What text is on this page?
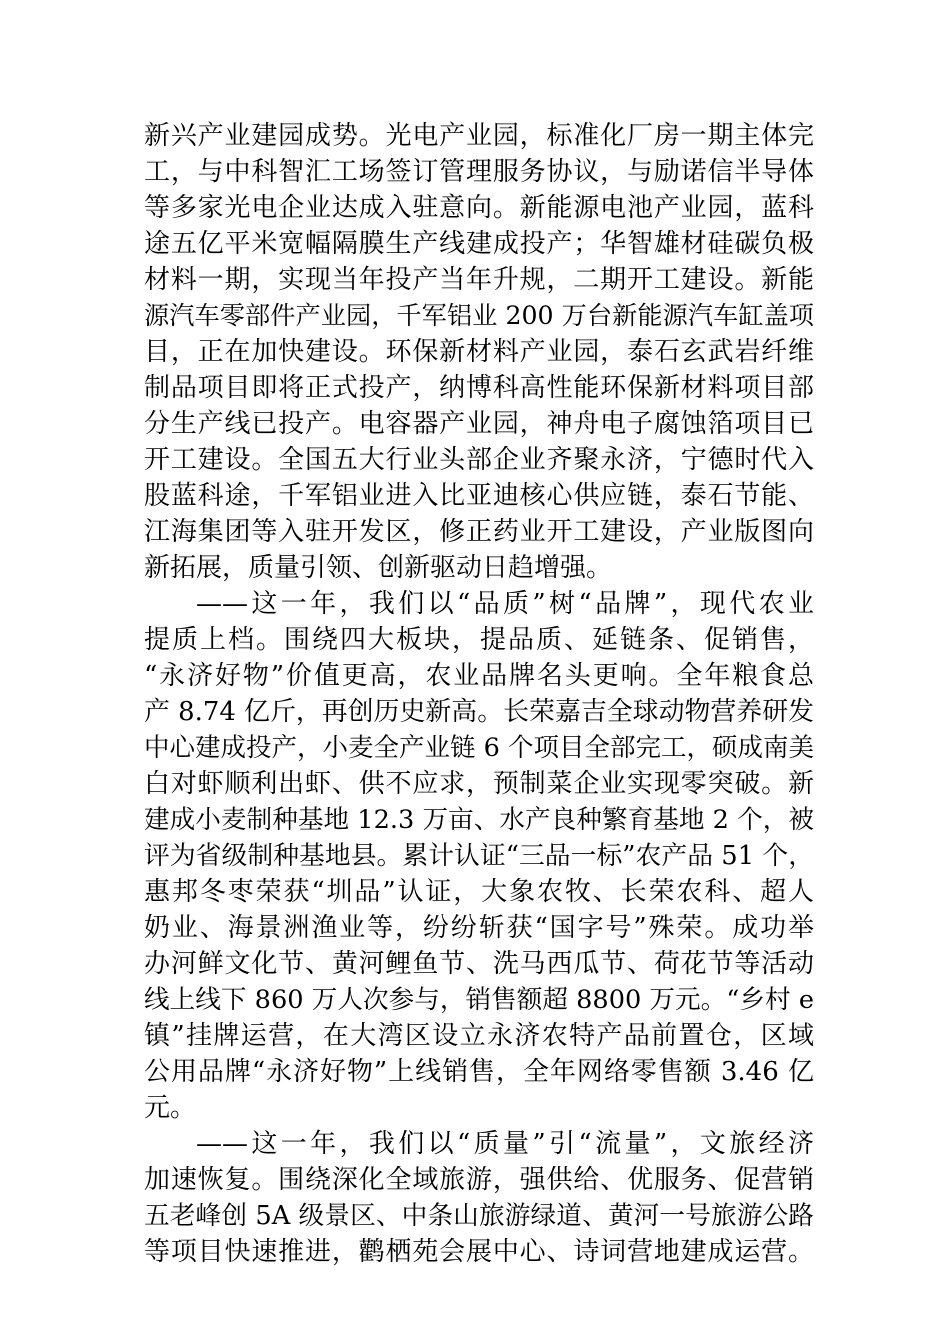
新兴产业建园成势。光电产业园，标准化厂房一期主体完
工，与中科智汇工场签订管理服务协议，与励诺信半导体
等多家光电企业达成入驻意向。新能源电池产业园，蓝科
途五亿平米宽幅隔膜生产线建成投产；华智雄材硅碳负极
材料一期，实现当年投产当年升规，二期开工建设。新能
源汽车零部件产业园，千军铝业 200 万台新能源汽车缸盖项
目，正在加快建设。环保新材料产业园，泰石玄武岩纤维
制品项目即将正式投产，纳博科高性能环保新材料项目部
分生产线已投产。电容器产业园，神舟电子腐蚀箔项目已
开工建设。全国五大行业头部企业齐聚永济，宁德时代入
股蓝科途，千军铝业进入比亚迪核心供应链，泰石节能、
江海集团等入驻开发区，修正药业开工建设，产业版图向
新拓展，质量引领、创新驱动日趋增强。
——这一年，我们以“品质”树“品牌”，现代农业
提质上档。围绕四大板块，提品质、延链条、促销售，
“永济好物”价值更高，农业品牌名头更响。全年粮食总
产 8.74 亿斤，再创历史新高。长荣嘉吉全球动物营养研发
中心建成投产，小麦全产业链 6 个项目全部完工，硕成南美
白对虾顺利出虾、供不应求，预制菜企业实现零突破。新
建成小麦制种基地 12.3 万亩、水产良种繁育基地 2 个，被
评为省级制种基地县。累计认证“三品一标”农产品 51 个，
惠邦冬枣荣获“圳品”认证，大象农牧、长荣农科、超人
奶业、海景洲渔业等，纷纷斩获“国字号”殊荣。成功举
办河鲜文化节、黄河鲤鱼节、洗马西瓜节、荷花节等活动
线上线下 860 万人次参与，销售额超 8800 万元。“乡村 e
镇”挂牌运营，在大湾区设立永济农特产品前置仓，区域
公用品牌“永济好物”上线销售，全年网络零售额 3.46 亿
元。
——这一年，我们以“质量”引“流量”，文旅经济
加速恢复。围绕深化全域旅游，强供给、优服务、促营销
五老峰创 5A 级景区、中条山旅游绿道、黄河一号旅游公路
等项目快速推进，鹳栖苑会展中心、诗词营地建成运营。
